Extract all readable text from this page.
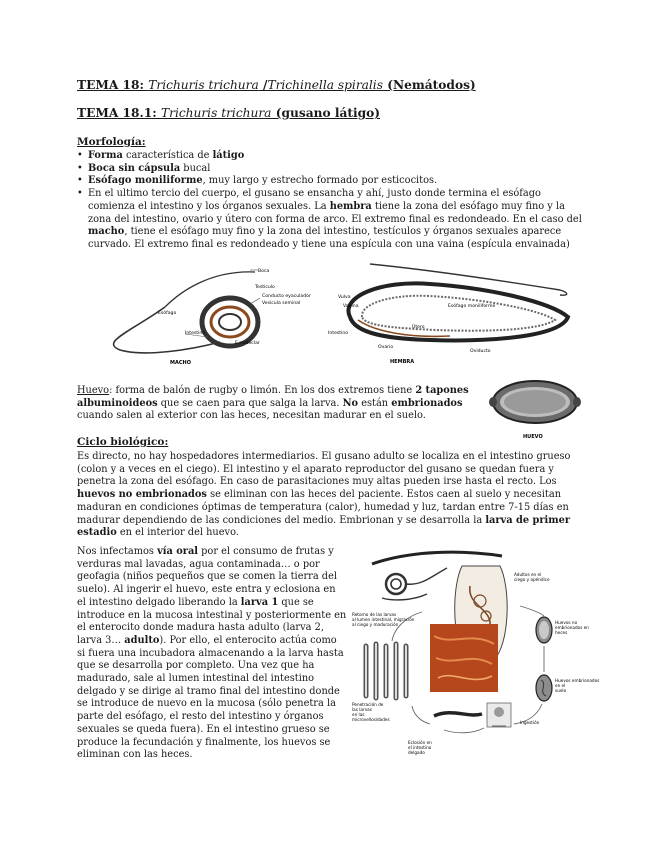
TEMA 18: Trichuris trichura /Trichinella spiralis (Nemátodos)
TEMA 18.1: Trichuris trichura (gusano látigo)
Morfología:
• Forma característica de látigo
• Boca sin cápsula bucal
• Esófago moniliforme, muy largo y estrecho formado por esticocitos.
• En el ultimo tercio del cuerpo, el gusano se ensancha y ahí, justo donde termina el esófago comienza el intestino y los órganos sexuales. La hembra tiene la zona del esófago muy fino y la zona del intestino, ovario y útero con forma de arco. El extremo final es redondeado. En el caso del macho, tiene el esófago muy fino y la zona del intestino, testículos y órganos sexuales aparece curvado. El extremo final es redondeado y tiene una espícula con una vaina (espícula envainada)
Boca
Testículo
Conducto eyaculador
Vesícula seminal
Esófago
Intestino
E.moteclar
MACHO
Vulva
Vagina	Esófago moniliforme
Útero
Intestino
Ovario
Oviducto
HEMBRA
Huevo: forma de balón de rugby o limón. En los dos extremos tiene 2 tapones albuminoideos que se caen para que salga la larva. No están embrionados cuando salen al exterior con las heces, necesitan madurar en el suelo.
HUEVO
Ciclo biológico:
Es directo, no hay hospedadores intermediarios. El gusano adulto se localiza en el intestino grueso (colon y a veces en el ciego). El intestino y el aparato reproductor del gusano se quedan fuera y penetra la zona del esófago. En caso de parasitaciones muy altas pueden irse hasta el recto. Los huevos no embrionados se eliminan con las heces del paciente. Estos caen al suelo y necesitan maduran en condiciones óptimas de temperatura (calor), humedad y luz, tardan entre 7-15 días en madurar dependiendo de las condiciones del medio. Embrionan y se desarrolla la larva de primer estadio en el interior del huevo.
Nos infectamos vía oral por el consumo de frutas y verduras mal lavadas, agua contaminada… o por geofagia (niños pequeños que se comen la tierra del suelo). Al ingerir el huevo, este entra y eclosiona en el intestino delgado liberando la larva 1 que se introduce en la mucosa intestinal y posteriormente en el enterocito donde madura hasta adulto (larva 2, larva 3… adulto). Por ello, el enterocito actúa como si fuera una incubadora almacenando a la larva hasta que se desarrolla por completo. Una vez que ha madurado, sale al lumen intestinal del intestino delgado y se dirige al tramo final del intestino donde se introduce de nuevo en la mucosa (sólo penetra la parte del esófago, el resto del intestino y órganos sexuales se queda fuera). En el intestino grueso se produce la fecundación y finalmente, los huevos se eliminan con las heces.
Adultos en el ciego y apéndice
Retorno de las larvas al lumen intestinal, migración al ciego y maduración	Huevos no embrionados en heces
Huevos embrionados en el suelo
Penetración de las larvas en las microvellosidades
Ingestión
Eclosión en el intestino delgado
